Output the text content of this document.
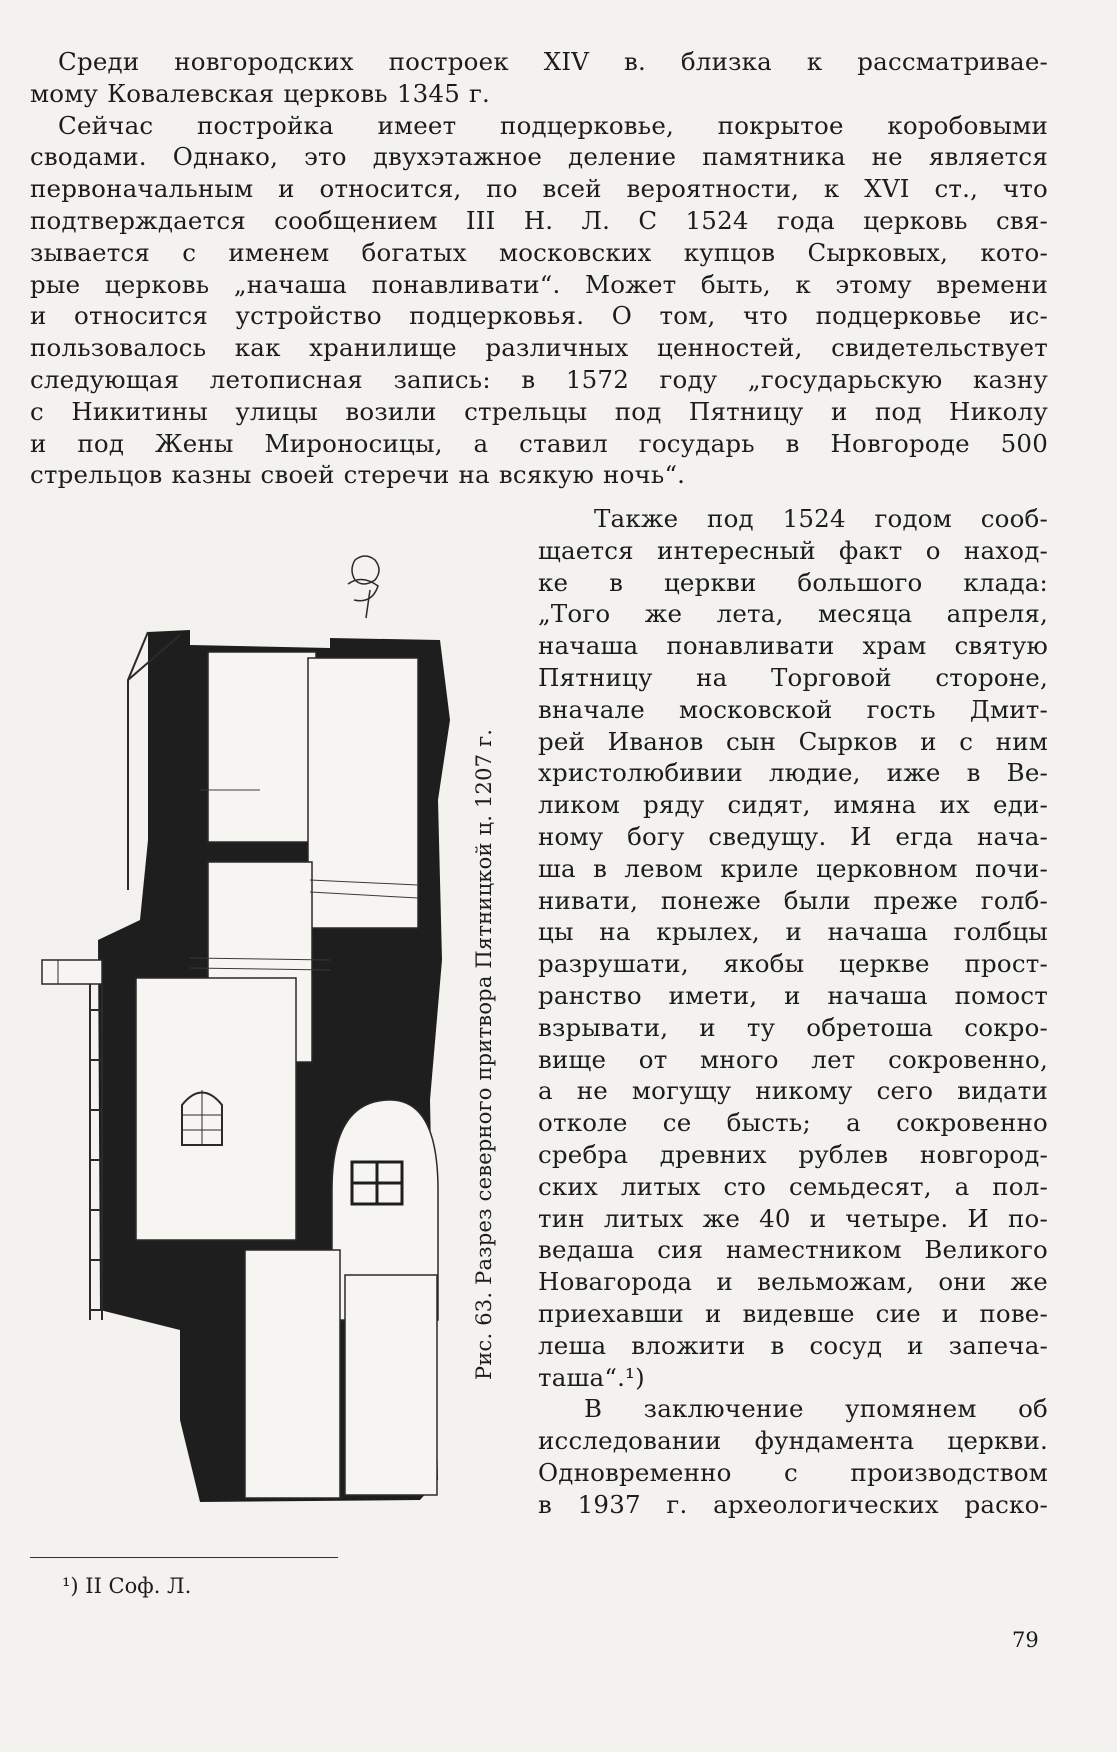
Среди новгородских построек XIV в. близка к рассматривае-
мому Ковалевская церковь 1345 г.
Сейчас постройка имеет подцерковье, покрытое коробовыми
сводами. Однако, это двухэтажное деление памятника не является
первоначальным и относится, по всей вероятности, к XVI ст., что
подтверждается сообщением III Н. Л. С 1524 года церковь свя-
зывается с именем богатых московских купцов Сырковых, кото-
рые церковь „начаша понавливати“. Может быть, к этому времени
и относится устройство подцерковья. О том, что подцерковье ис-
пользовалось как хранилище различных ценностей, свидетельствует
следующая летописная запись: в 1572 году „государьскую казну
с Никитины улицы возили стрельцы под Пятницу и под Николу
и под Жены Мироносицы, а ставил государь в Новгороде 500
стрельцов казны своей стеречи на всякую ночь“.
Также под 1524 годом сооб-
щается интересный факт о наход-
ке в церкви большого клада:
„Того же лета, месяца апреля,
начаша понавливати храм святую
Пятницу на Торговой стороне,
вначале московской гость Дмит-
рей Иванов сын Сырков и с ним
христолюбивии людие, иже в Ве-
ликом ряду сидят, имяна их еди-
ному богу сведущу. И егда нача-
ша в левом криле церковном почи-
нивати, понеже были преже голб-
цы на крылех, и начаша голбцы
разрушати, якобы церкве прост-
ранство имети, и начаша помост
взрывати, и ту обретоша сокро-
вище от много лет сокровенно,
а не могущу никому сего видати
отколе се бысть; а сокровенно
сребра древних рублев новгород-
ских литых сто семьдесят, а пол-
тин литых же 40 и четыре. И по-
ведаша сия наместником Великого
Новагорода и вельможам, они же
приехавши и видевше сие и пове-
леша вложити в сосуд и запеча-
таша“.¹)
В заключение упомянем об
исследовании фундамента церкви.
Одновременно с производством
в 1937 г. археологических раско-
Рис. 63. Разрез северного притвора Пятницкой ц. 1207 г.
¹) II Соф. Л.
79
